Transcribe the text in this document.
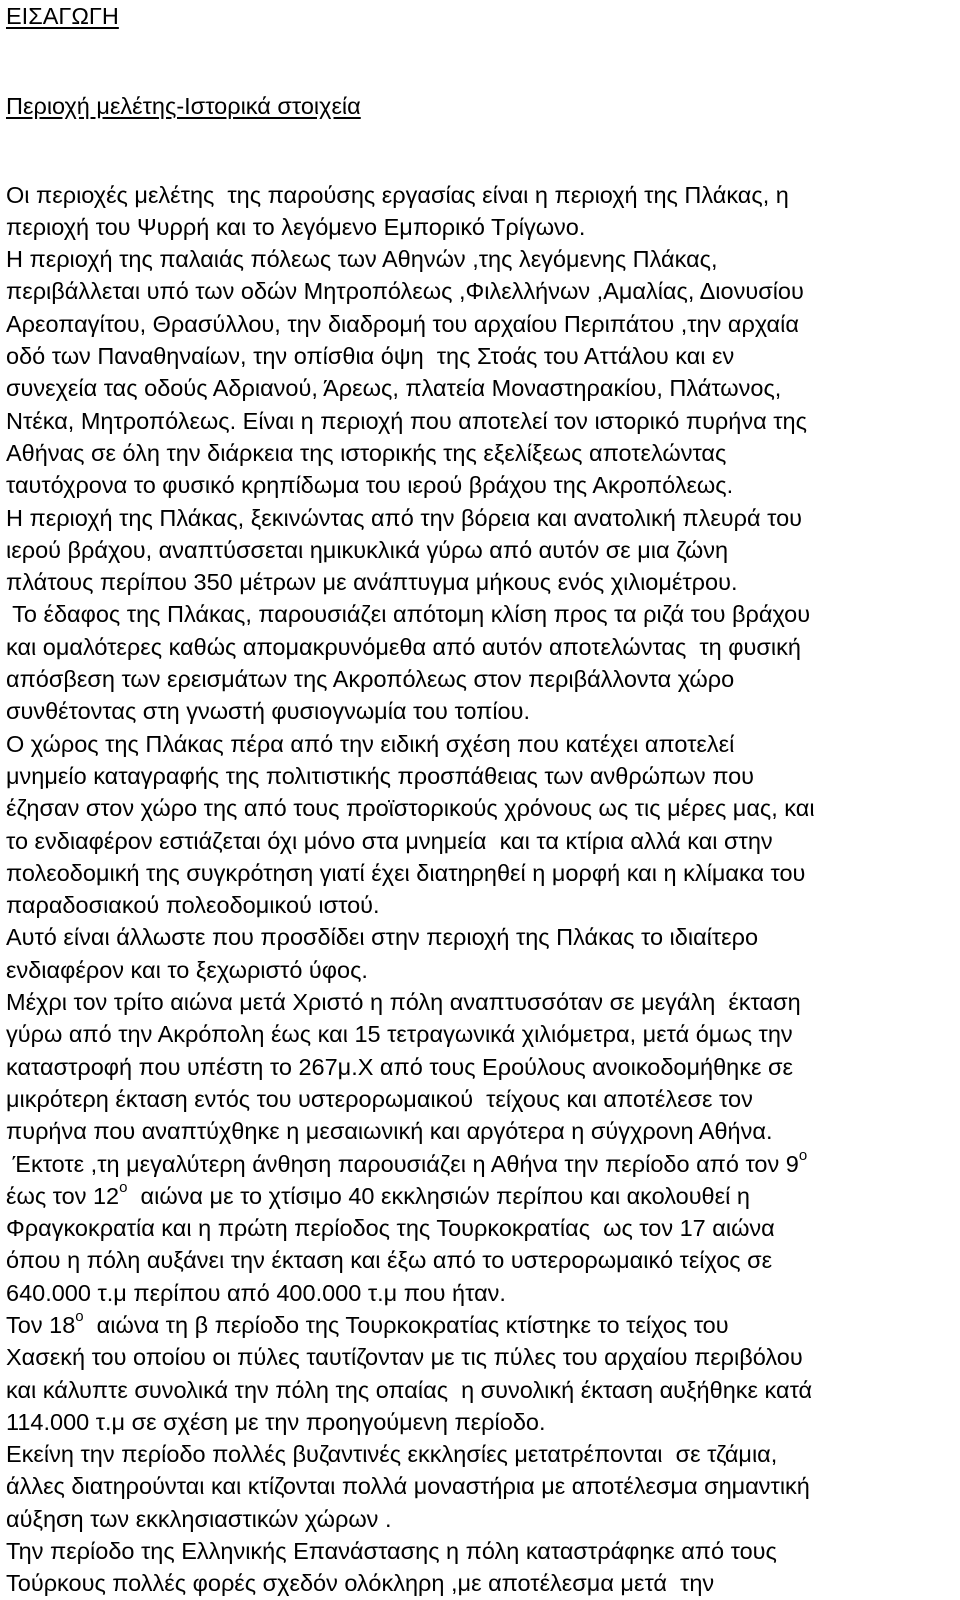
ΕΙΣΑΓΩΓΗ
Περιοχή μελέτης-Ιστορικά στοιχεία
Οι περιοχές μελέτης  της παρούσης εργασίας είναι η περιοχή της Πλάκας, η
περιοχή του Ψυρρή και το λεγόμενο Εμπορικό Τρίγωνο.
Η περιοχή της παλαιάς πόλεως των Αθηνών ,της λεγόμενης Πλάκας,
περιβάλλεται υπό των οδών Μητροπόλεως ,Φιλελλήνων ,Αμαλίας, Διονυσίου
Αρεοπαγίτου, Θρασύλλου, την διαδρομή του αρχαίου Περιπάτου ,την αρχαία
οδό των Παναθηναίων, την οπίσθια όψη  της Στοάς του Αττάλου και εν
συνεχεία τας οδούς Αδριανού, Άρεως, πλατεία Μοναστηρακίου, Πλάτωνος,
Ντέκα, Μητροπόλεως. Είναι η περιοχή που αποτελεί τον ιστορικό πυρήνα της
Αθήνας σε όλη την διάρκεια της ιστορικής της εξελίξεως αποτελώντας
ταυτόχρονα το φυσικό κρηπίδωμα του ιερού βράχου της Ακροπόλεως.
Η περιοχή της Πλάκας, ξεκινώντας από την βόρεια και ανατολική πλευρά του
ιερού βράχου, αναπτύσσεται ημικυκλικά γύρω από αυτόν σε μια ζώνη
πλάτους περίπου 350 μέτρων με ανάπτυγμα μήκους ενός χιλιομέτρου.
Το έδαφος της Πλάκας, παρουσιάζει απότομη κλίση προς τα ριζά του βράχου
και ομαλότερες καθώς απομακρυνόμεθα από αυτόν αποτελώντας  τη φυσική
απόσβεση των ερεισμάτων της Ακροπόλεως στον περιβάλλοντα χώρο
συνθέτοντας στη γνωστή φυσιογνωμία του τοπίου.
Ο χώρος της Πλάκας πέρα από την ειδική σχέση που κατέχει αποτελεί
μνημείο καταγραφής της πολιτιστικής προσπάθειας των ανθρώπων που
έζησαν στον χώρο της από τους προϊστορικούς χρόνους ως τις μέρες μας, και
το ενδιαφέρον εστιάζεται όχι μόνο στα μνημεία  και τα κτίρια αλλά και στην
πολεοδομική της συγκρότηση γιατί έχει διατηρηθεί η μορφή και η κλίμακα του
παραδοσιακού πολεοδομικού ιστού.
Αυτό είναι άλλωστε που προσδίδει στην περιοχή της Πλάκας το ιδιαίτερο
ενδιαφέρον και το ξεχωριστό ύφος.
Μέχρι τον τρίτο αιώνα μετά Χριστό η πόλη αναπτυσσόταν σε μεγάλη  έκταση
γύρω από την Ακρόπολη έως και 15 τετραγωνικά χιλιόμετρα, μετά όμως την
καταστροφή που υπέστη το 267μ.Χ από τους Ερούλους ανοικοδομήθηκε σε
μικρότερη έκταση εντός του υστερορωμαικού  τείχους και αποτέλεσε τον
πυρήνα που αναπτύχθηκε η μεσαιωνική και αργότερα η σύγχρονη Αθήνα.
Έκτοτε ,τη μεγαλύτερη άνθηση παρουσιάζει η Αθήνα την περίοδο από τον $9^o$
έως τον $12^o$  αιώνα με το χτίσιμο 40 εκκλησιών περίπου και ακολουθεί η
Φραγκοκρατία και η πρώτη περίοδος της Τουρκοκρατίας  ως τον 17 αιώνα
όπου η πόλη αυξάνει την έκταση και έξω από το υστερορωμαικό τείχος σε
640.000 τ.μ περίπου από 400.000 τ.μ που ήταν.
Τον $18^o$  αιώνα τη β περίοδο της Τουρκοκρατίας κτίστηκε το τείχος του
Χασεκή του οποίου οι πύλες ταυτίζονταν με τις πύλες του αρχαίου περιβόλου
και κάλυπτε συνολικά την πόλη της οπαίας  η συνολική έκταση αυξήθηκε κατά
114.000 τ.μ σε σχέση με την προηγούμενη περίοδο.
Εκείνη την περίοδο πολλές βυζαντινές εκκλησίες μετατρέπονται  σε τζάμια,
άλλες διατηρούνται και κτίζονται πολλά μοναστήρια με αποτέλεσμα σημαντική
αύξηση των εκκλησιαστικών χώρων .
Την περίοδο της Ελληνικής Επανάστασης η πόλη καταστράφηκε από τους
Τούρκους πολλές φορές σχεδόν ολόκληρη ,με αποτέλεσμα μετά  την
